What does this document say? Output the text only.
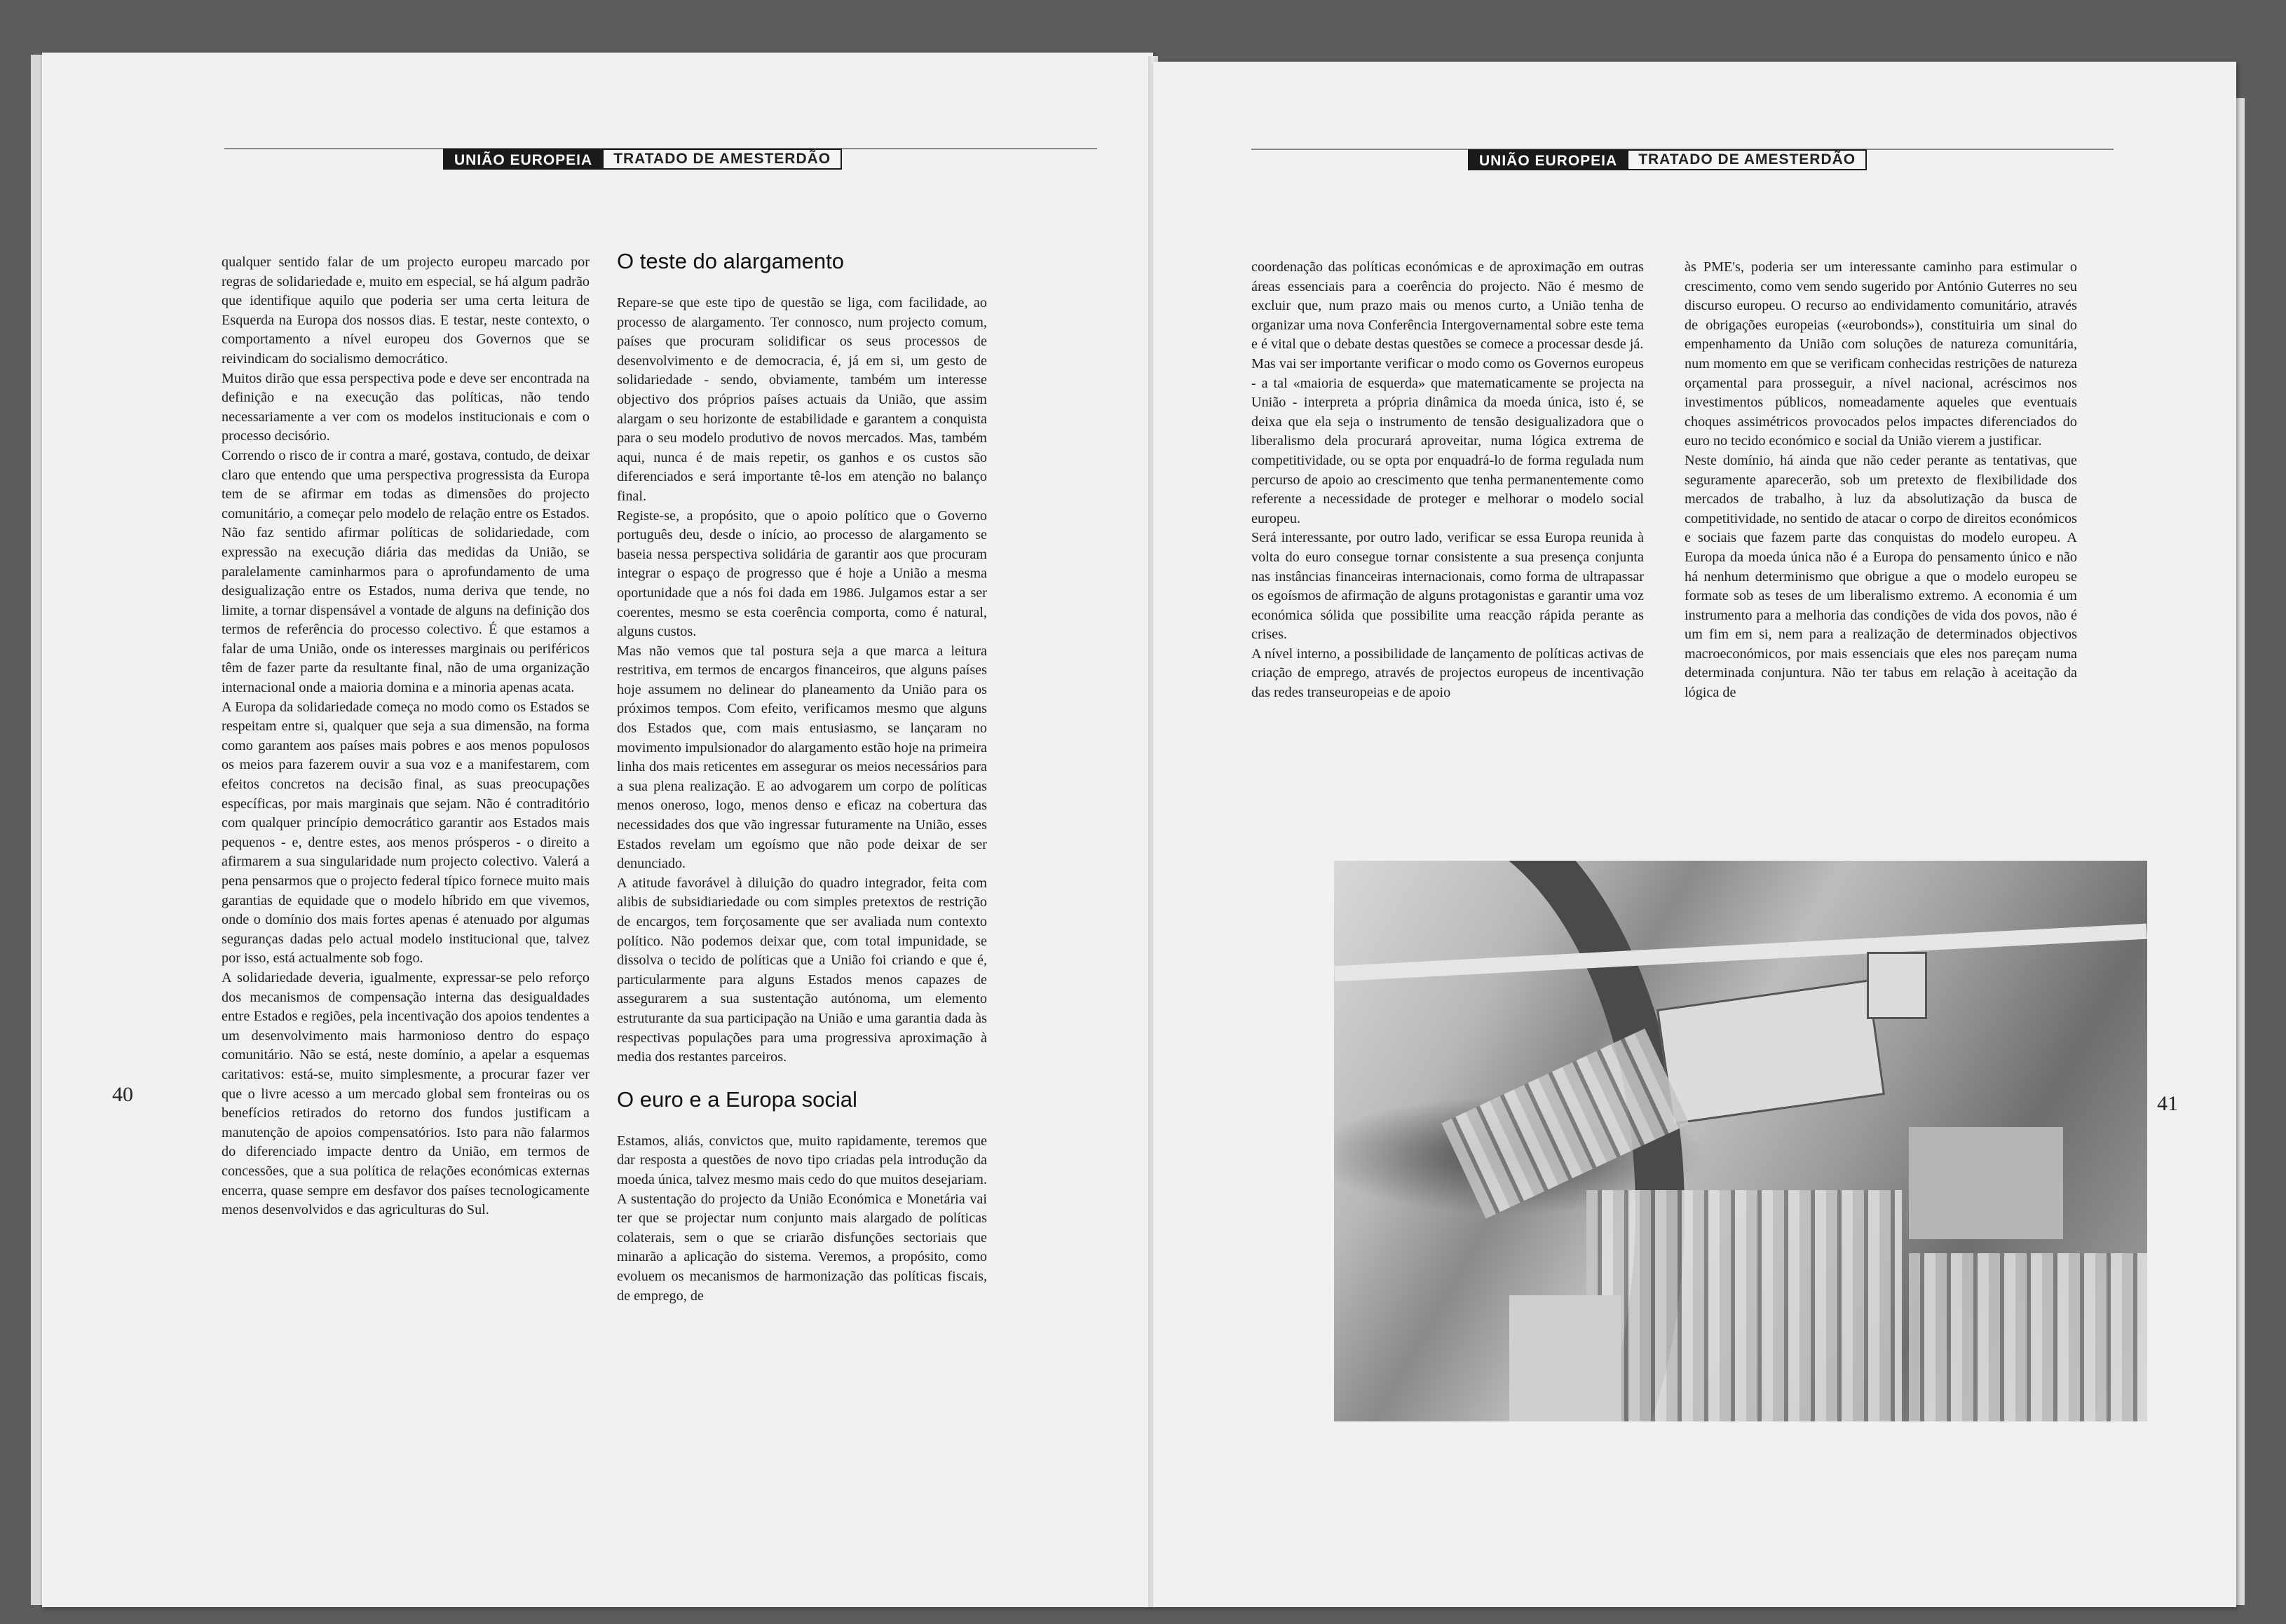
UNIÃO EUROPEIA	TRATADO DE AMESTERDÃO

qualquer sentido falar de um projecto europeu marcado por regras de solidariedade e, muito em especial, se há algum padrão que identifique aquilo que poderia ser uma certa leitura de Esquerda na Europa dos nossos dias. E testar, neste contexto, o comportamento a nível europeu dos Governos que se reivindicam do socialismo democrático.

Muitos dirão que essa perspectiva pode e deve ser encontrada na definição e na execução das políticas, não tendo necessariamente a ver com os modelos institucionais e com o processo decisório.

Correndo o risco de ir contra a maré, gostava, contudo, de deixar claro que entendo que uma perspectiva progressista da Europa tem de se afirmar em todas as dimensões do projecto comunitário, a começar pelo modelo de relação entre os Estados. Não faz sentido afirmar políticas de solidariedade, com expressão na execução diária das medidas da União, se paralelamente caminharmos para o aprofundamento de uma desigualização entre os Estados, numa deriva que tende, no limite, a tornar dispensável a vontade de alguns na definição dos termos de referência do processo colectivo. É que estamos a falar de uma União, onde os interesses marginais ou periféricos têm de fazer parte da resultante final, não de uma organização internacional onde a maioria domina e a minoria apenas acata.

A Europa da solidariedade começa no modo como os Estados se respeitam entre si, qualquer que seja a sua dimensão, na forma como garantem aos países mais pobres e aos menos populosos os meios para fazerem ouvir a sua voz e a manifestarem, com efeitos concretos na decisão final, as suas preocupações específicas, por mais marginais que sejam. Não é contraditório com qualquer princípio democrático garantir aos Estados mais pequenos - e, dentre estes, aos menos prósperos - o direito a afirmarem a sua singularidade num projecto colectivo. Valerá a pena pensarmos que o projecto federal típico fornece muito mais garantias de equidade que o modelo híbrido em que vivemos, onde o domínio dos mais fortes apenas é atenuado por algumas seguranças dadas pelo actual modelo institucional que, talvez por isso, está actualmente sob fogo.

A solidariedade deveria, igualmente, expressar-se pelo reforço dos mecanismos de compensação interna das desigualdades entre Estados e regiões, pela incentivação dos apoios tendentes a um desenvolvimento mais harmonioso dentro do espaço comunitário. Não se está, neste domínio, a apelar a esquemas caritativos: está-se, muito simplesmente, a procurar fazer ver que o livre acesso a um mercado global sem fronteiras ou os benefícios retirados do retorno dos fundos justificam a manutenção de apoios compensatórios. Isto para não falarmos do diferenciado impacte dentro da União, em termos de concessões, que a sua política de relações económicas externas encerra, quase sempre em desfavor dos países tecnologicamente menos desenvolvidos e das agriculturas do Sul.

O teste do alargamento

Repare-se que este tipo de questão se liga, com facilidade, ao processo de alargamento. Ter connosco, num projecto comum, países que procuram solidificar os seus processos de desenvolvimento e de democracia, é, já em si, um gesto de solidariedade - sendo, obviamente, também um interesse objectivo dos próprios países actuais da União, que assim alargam o seu horizonte de estabilidade e garantem a conquista para o seu modelo produtivo de novos mercados. Mas, também aqui, nunca é de mais repetir, os ganhos e os custos são diferenciados e será importante tê-los em atenção no balanço final.

Registe-se, a propósito, que o apoio político que o Governo português deu, desde o início, ao processo de alargamento se baseia nessa perspectiva solidária de garantir aos que procuram integrar o espaço de progresso que é hoje a União a mesma oportunidade que a nós foi dada em 1986. Julgamos estar a ser coerentes, mesmo se esta coerência comporta, como é natural, alguns custos.

Mas não vemos que tal postura seja a que marca a leitura restritiva, em termos de encargos financeiros, que alguns países hoje assumem no delinear do planeamento da União para os próximos tempos. Com efeito, verificamos mesmo que alguns dos Estados que, com mais entusiasmo, se lançaram no movimento impulsionador do alargamento estão hoje na primeira linha dos mais reticentes em assegurar os meios necessários para a sua plena realização. E ao advogarem um corpo de políticas menos oneroso, logo, menos denso e eficaz na cobertura das necessidades dos que vão ingressar futuramente na União, esses Estados revelam um egoísmo que não pode deixar de ser denunciado.

A atitude favorável à diluição do quadro integrador, feita com alibis de subsidiariedade ou com simples pretextos de restrição de encargos, tem forçosamente que ser avaliada num contexto político. Não podemos deixar que, com total impunidade, se dissolva o tecido de políticas que a União foi criando e que é, particularmente para alguns Estados menos capazes de assegurarem a sua sustentação autónoma, um elemento estruturante da sua participação na União e uma garantia dada às respectivas populações para uma progressiva aproximação à media dos restantes parceiros.

O euro e a Europa social

Estamos, aliás, convictos que, muito rapidamente, teremos que dar resposta a questões de novo tipo criadas pela introdução da moeda única, talvez mesmo mais cedo do que muitos desejariam. A sustentação do projecto da União Económica e Monetária vai ter que se projectar num conjunto mais alargado de políticas colaterais, sem o que se criarão disfunções sectoriais que minarão a aplicação do sistema. Veremos, a propósito, como evoluem os mecanismos de harmonização das políticas fiscais, de emprego, de

40
UNIÃO EUROPEIA	TRATADO DE AMESTERDÃO

coordenação das políticas económicas e de aproximação em outras áreas essenciais para a coerência do projecto. Não é mesmo de excluir que, num prazo mais ou menos curto, a União tenha de organizar uma nova Conferência Intergovernamental sobre este tema e é vital que o debate destas questões se comece a processar desde já.

Mas vai ser importante verificar o modo como os Governos europeus - a tal «maioria de esquerda» que matematicamente se projecta na União - interpreta a própria dinâmica da moeda única, isto é, se deixa que ela seja o instrumento de tensão desigualizadora que o liberalismo dela procurará aproveitar, numa lógica extrema de competitividade, ou se opta por enquadrá-lo de forma regulada num percurso de apoio ao crescimento que tenha permanentemente como referente a necessidade de proteger e melhorar o modelo social europeu.

Será interessante, por outro lado, verificar se essa Europa reunida à volta do euro consegue tornar consistente a sua presença conjunta nas instâncias financeiras internacionais, como forma de ultrapassar os egoísmos de afirmação de alguns protagonistas e garantir uma voz económica sólida que possibilite uma reacção rápida perante as crises.

A nível interno, a possibilidade de lançamento de políticas activas de criação de emprego, através de projectos europeus de incentivação das redes transeuropeias e de apoio

às PME's, poderia ser um interessante caminho para estimular o crescimento, como vem sendo sugerido por António Guterres no seu discurso europeu. O recurso ao endividamento comunitário, através de obrigações europeias («eurobonds»), constituiria um sinal do empenhamento da União com soluções de natureza comunitária, num momento em que se verificam conhecidas restrições de natureza orçamental para prosseguir, a nível nacional, acréscimos nos investimentos públicos, nomeadamente aqueles que eventuais choques assimétricos provocados pelos impactes diferenciados do euro no tecido económico e social da União vierem a justificar.

Neste domínio, há ainda que não ceder perante as tentativas, que seguramente aparecerão, sob um pretexto de flexibilidade dos mercados de trabalho, à luz da absolutização da busca de competitividade, no sentido de atacar o corpo de direitos económicos e sociais que fazem parte das conquistas do modelo europeu. A Europa da moeda única não é a Europa do pensamento único e não há nenhum determinismo que obrigue a que o modelo europeu se formate sob as teses de um liberalismo extremo. A economia é um instrumento para a melhoria das condições de vida dos povos, não é um fim em si, nem para a realização de determinados objectivos macroeconómicos, por mais essenciais que eles nos pareçam numa determinada conjuntura. Não ter tabus em relação à aceitação da lógica de

41
